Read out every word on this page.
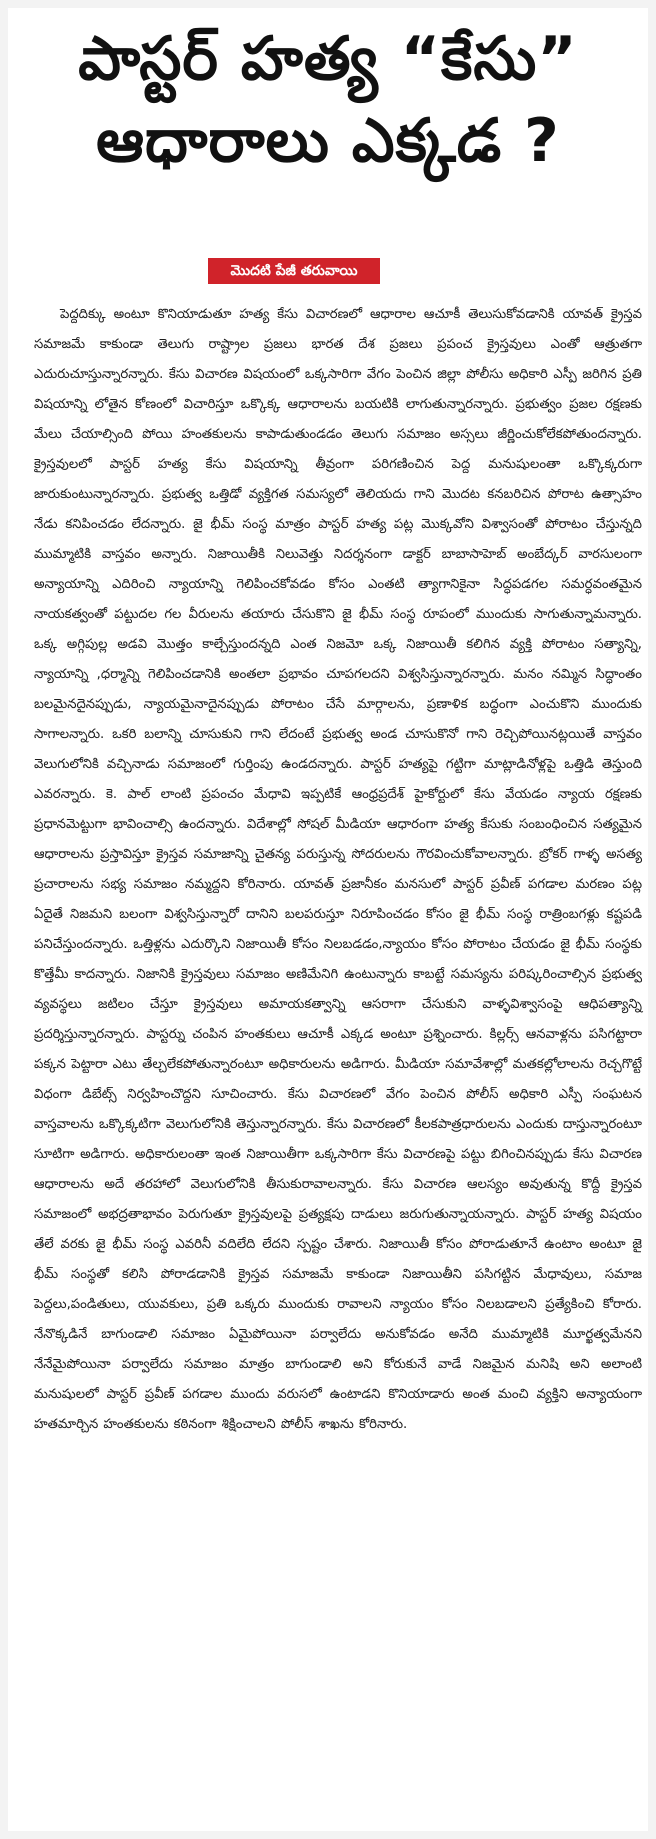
పాస్టర్ హత్య “కేసు”
ఆధారాలు ఎక్కడ ?
మొదటి పేజీ తరువాయి

పెద్దదిక్కు అంటూ కొనియాడుతూ హత్య కేసు విచారణలో ఆధారాల ఆచూకీ తెలుసుకోవడానికి యావత్ క్రైస్తవ సమాజమే కాకుండా తెలుగు రాష్ట్రాల ప్రజలు భారత దేశ ప్రజలు ప్రపంచ క్రైస్తవులు ఎంతో ఆత్రుతగా ఎదురుచూస్తున్నారన్నారు. కేసు విచారణ విషయంలో ఒక్కసారిగా వేగం పెంచిన జిల్లా పోలీసు అధికారి ఎస్పీ జరిగిన ప్రతి విషయాన్ని లోతైన కోణంలో విచారిస్తూ ఒక్కొక్క ఆధారాలను బయటికి లాగుతున్నారన్నారు. ప్రభుత్వం ప్రజల రక్షణకు మేలు చేయాల్సింది పోయి హంతకులను కాపాడుతుండడం తెలుగు సమాజం అస్సలు జీర్ణించుకోలేకపోతుందన్నారు. క్రైస్తవులలో పాస్టర్ హత్య కేసు విషయాన్ని తీవ్రంగా పరిగణించిన పెద్ద మనుషులంతా ఒక్కొక్కరుగా జారుకుంటున్నారన్నారు. ప్రభుత్వ ఒత్తిడో వ్యక్తిగత సమస్యలో తెలియదు గాని మొదట కనబరిచిన పోరాట ఉత్సాహం నేడు కనిపించడం లేదన్నారు. జై భీమ్ సంస్థ మాత్రం పాస్టర్ హత్య పట్ల మొక్కవోని విశ్వాసంతో పోరాటం చేస్తున్నది ముమ్మాటికి వాస్తవం అన్నారు. నిజాయితీకి నిలువెత్తు నిదర్శనంగా డాక్టర్ బాబాసాహెబ్ అంబేద్కర్ వారసులంగా అన్యాయాన్ని ఎదిరించి న్యాయాన్ని గెలిపించకోవడం కోసం ఎంతటి త్యాగానికైనా సిద్ధపడగల సమర్ధవంతమైన నాయకత్వంతో పట్టుదల గల వీరులను తయారు చేసుకొని జై భీమ్ సంస్థ రూపంలో ముందుకు సాగుతున్నామన్నారు. ఒక్క అగ్గిపుల్ల అడవి మొత్తం కాల్చేస్తుందన్నది ఎంత నిజమో ఒక్క నిజాయితీ కలిగిన వ్యక్తి పోరాటం సత్యాన్ని, న్యాయాన్ని ,ధర్మాన్ని గెలిపించడానికి అంతలా ప్రభావం చూపగలదని విశ్వసిస్తున్నారన్నారు. మనం నమ్మిన సిద్ధాంతం బలమైనదైనప్పుడు, న్యాయమైనాదైనప్పుడు పోరాటం చేసే మార్గాలను, ప్రణాళిక బద్ధంగా ఎంచుకొని ముందుకు సాగాలన్నారు. ఒకరి బలాన్ని చూసుకుని గాని లేదంటే ప్రభుత్వ అండ చూసుకొనో గాని రెచ్చిపోయినట్లయితే వాస్తవం వెలుగులోనికి వచ్చినాడు సమాజంలో గుర్తింపు ఉండదన్నారు. పాస్టర్ హత్యపై గట్టిగా మాట్లాడినోళ్లపై ఒత్తిడి తెస్తుంది ఎవరన్నారు. కె. పాల్ లాంటి ప్రపంచం మేధావి ఇప్పటికే ఆంధ్రప్రదేశ్ హైకోర్టులో కేసు వేయడం న్యాయ రక్షణకు ప్రధానమెట్టుగా భావించాల్సి ఉందన్నారు. విదేశాల్లో సోషల్ మీడియా ఆధారంగా హత్య కేసుకు సంబంధించిన సత్యమైన ఆధారాలను ప్రస్తావిస్తూ క్రైస్తవ సమాజాన్ని చైతన్య పరుస్తున్న సోదరులను గౌరవించుకోవాలన్నారు. బ్రోకర్ గాళ్ళ అసత్య ప్రచారాలను సభ్య సమాజం నమ్మద్దని కోరినారు. యావత్ ప్రజానీకం మనసులో పాస్టర్ ప్రవీణ్ పగడాల మరణం పట్ల ఏదైతే నిజమని బలంగా విశ్వసిస్తున్నారో దానిని బలపరుస్తూ నిరూపించడం కోసం జై భీమ్ సంస్థ రాత్రింబగళ్లు కష్టపడి పనిచేస్తుందన్నారు. ఒత్తిళ్లను ఎదుర్కొని నిజాయితీ కోసం నిలబడడం,న్యాయం కోసం పోరాటం చేయడం జై భీమ్ సంస్థకు కొత్తేమీ కాదన్నారు. నిజానికి క్రైస్తవులు సమాజం అణిమేనిగి ఉంటున్నారు కాబట్టే సమస్యను పరిష్కరించాల్సిన ప్రభుత్వ వ్యవస్థలు జటిలం చేస్తూ క్రైస్తవులు అమాయకత్వాన్ని ఆసరాగా చేసుకుని వాళ్ళవిశ్వాసంపై ఆధిపత్యాన్ని ప్రదర్శిస్తున్నారన్నారు. పాస్టర్ను చంపిన హంతకులు ఆచూకీ ఎక్కడ అంటూ ప్రశ్నించారు. కిల్లర్స్ ఆనవాళ్లను పసిగట్టారా పక్కన పెట్టారా ఎటు తేల్చలేకపోతున్నారంటూ అధికారులను అడిగారు. మీడియా సమావేశాల్లో మతకల్లోలాలను రెచ్చగొట్టే విధంగా డిబేట్స్ నిర్వహించొద్దని సూచించారు. కేసు విచారణలో వేగం పెంచిన పోలీస్ అధికారి ఎస్పీ సంఘటన వాస్తవాలను ఒక్కొక్కటిగా వెలుగులోనికి తెస్తున్నారన్నారు. కేసు విచారణలో కీలకపాత్రధారులను ఎందుకు దాస్తున్నారంటూ సూటిగా అడిగారు. అధికారులంతా ఇంత నిజాయితీగా ఒక్కసారిగా కేసు విచారణపై పట్టు బిగించినప్పుడు కేసు విచారణ ఆధారాలను అదే తరహాలో వెలుగులోనికి తీసుకురావాలన్నారు. కేసు విచారణ ఆలస్యం అవుతున్న కొద్దీ క్రైస్తవ సమాజంలో అభద్రతాభావం పెరుగుతూ క్రైస్తవులపై ప్రత్యక్షపు దాడులు జరుగుతున్నాయన్నారు. పాస్టర్ హత్య విషయం తేలే వరకు జై భీమ్ సంస్థ ఎవరినీ వదిలేది లేదని స్పష్టం చేశారు. నిజాయితీ కోసం పోరాడుతూనే ఉంటాం అంటూ జై భీమ్ సంస్థతో కలిసి పోరాడడానికి క్రైస్తవ సమాజమే కాకుండా నిజాయితీని పసిగట్టిన మేధావులు, సమాజ పెద్దలు,పండితులు, యువకులు, ప్రతి ఒక్కరు ముందుకు రావాలని న్యాయం కోసం నిలబడాలని ప్రత్యేకించి కోరారు. నేనొక్కడినే బాగుండాలి సమాజం ఏమైపోయినా పర్వాలేదు అనుకోవడం అనేది ముమ్మాటికి మూర్ఖత్వమేనని నేనేమైపోయినా పర్వాలేదు సమాజం మాత్రం బాగుండాలి అని కోరుకునే వాడే నిజమైన మనిషి అని అలాంటి మనుషులలో పాస్టర్ ప్రవీణ్ పగడాల ముందు వరుసలో ఉంటాడని కొనియాడారు అంత మంచి వ్యక్తిని అన్యాయంగా హతమార్చిన హంతకులను కఠినంగా శిక్షించాలని పోలీస్ శాఖను కోరినారు.
